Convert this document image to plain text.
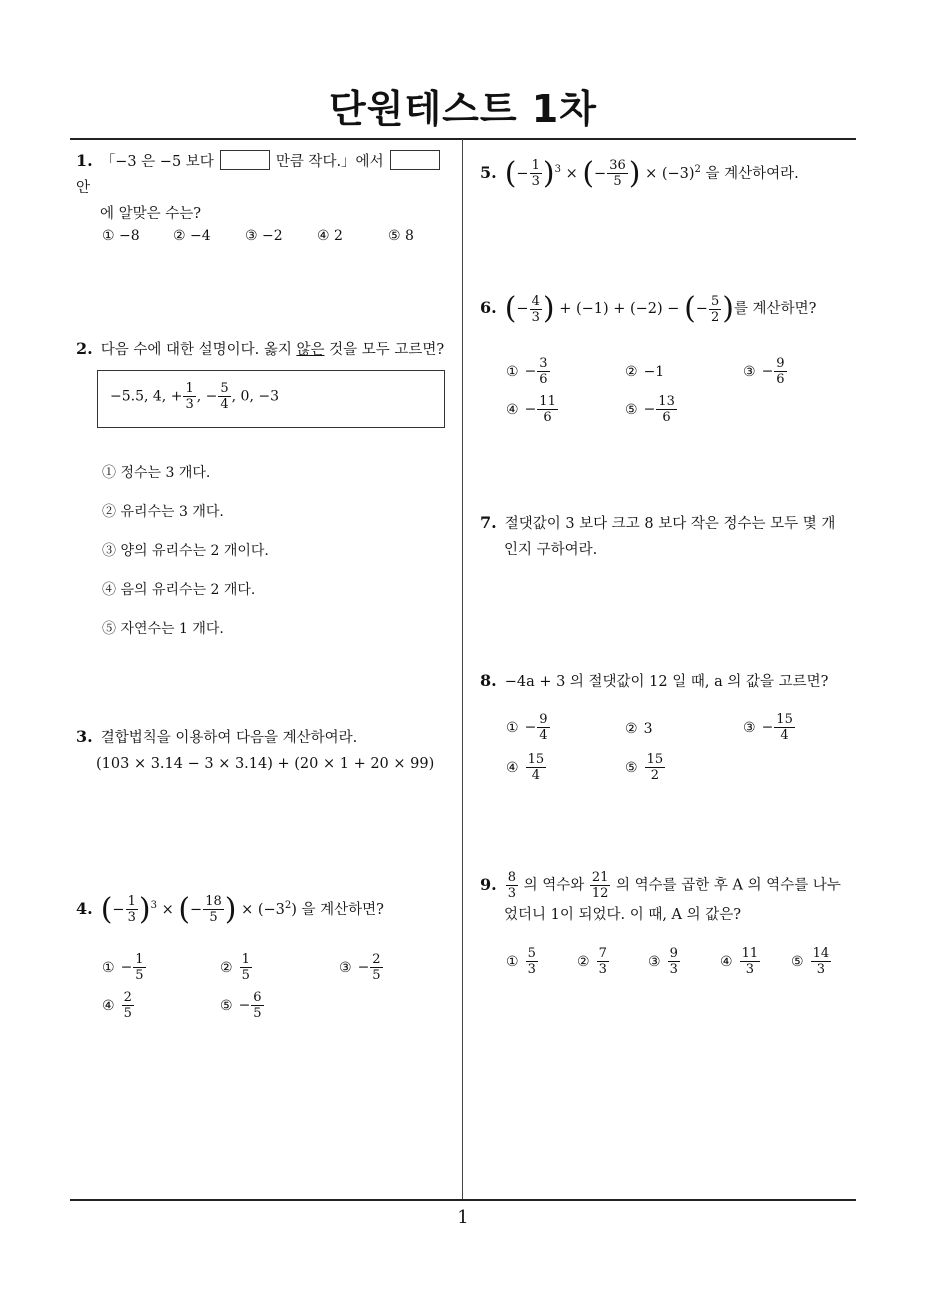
단원테스트 1차
1
1. 「−3 은 −5 보다	만큼 작다.」에서안
에 알맞은 수는?
① −8 ② −4 ③ −2 ④ 2	⑤ 8
2. 다음 수에 대한 설명이다. 옳지 않은 것을 모두 고르면?
−5.5, 4, + $\frac{1}{3}$ , − $\frac{5}{4}$ , 0, −3
① 정수는 3 개다.
② 유리수는 3 개다.
③ 양의 유리수는 2 개이다.
④ 음의 유리수는 2 개다.
⑤ 자연수는 1 개다.
3. 결합법칙을 이용하여 다음을 계산하여라.
(103 × 3.14 − 3 × 3.14) + (20 × 1 + 20 × 99)
4. (− $\frac{1}{3} )^3$ × (− $\frac{18}{5}$ ) × $(-3^2)$ 을 계산하면?
① − $\frac{1}{5}$	② $\frac{1}{5}$	③ − $\frac{2}{5}$
④ $\frac{2}{5}$	⑤ − $\frac{6}{5}$
5. (− $\frac{1}{3} )^3$ × (− $\frac{36}{5}$ ) × $(-3)^2$ 을 계산하여라.
6. (− $\frac{4}{3}$ ) + (−1) + (−2) − (− $\frac{5}{2}$ )를 계산하면?
① − $\frac{3}{6}$	② −1	③ − $\frac{9}{6}$
④ − $\frac{11}{6}$	⑤ − $\frac{13}{6}$
7. 절댓값이 3 보다 크고 8 보다 작은 정수는 모두 몇 개
인지 구하여라.
8. −4a + 3 의 절댓값이 12 일 때, a 의 값을 고르면?
① − $\frac{9}{4}$	② 3	③ − $\frac{15}{4}$
④ $\frac{15}{4}$	⑤ $\frac{15}{2}$
9. $\frac{8}{3}$ 의 역수와 $\frac{21}{12}$ 의 역수를 곱한 후 A 의 역수를 나누
었더니 1이 되었다. 이 때, A 의 값은?
① $\frac{5}{3}$	② $\frac{7}{3}$	③ $\frac{9}{3}$	④ $\frac{11}{3}$ ⑤ $\frac{14}{3}$
